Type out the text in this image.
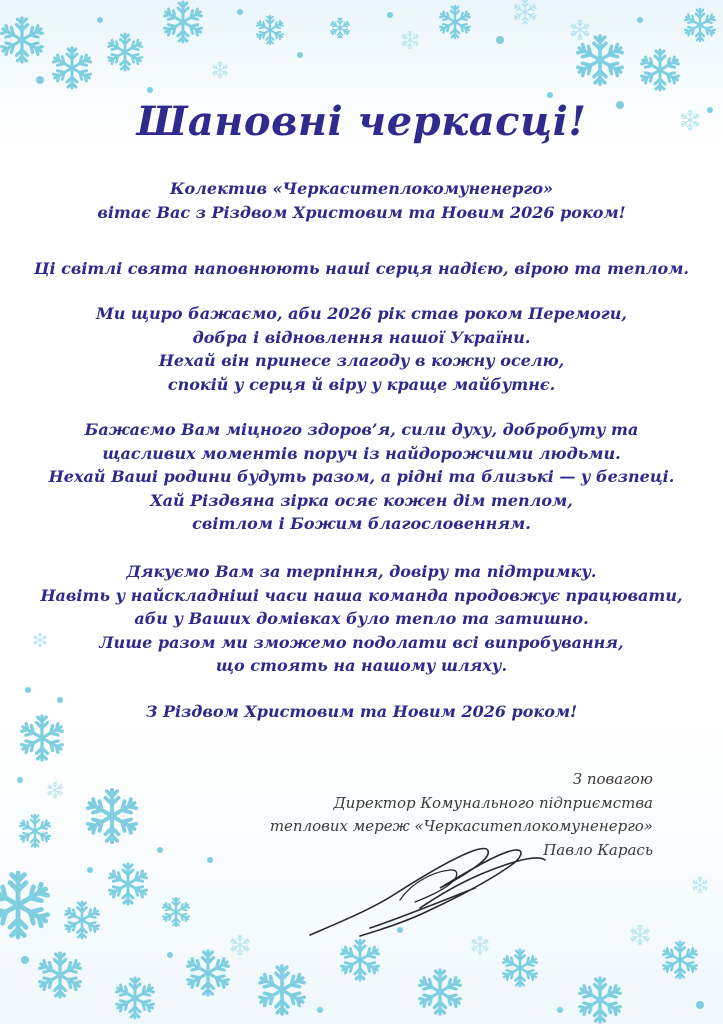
Шановні черкасці!
Колектив «Черкаситеплокомуненерго»
вітає Вас з Різдвом Христовим та Новим 2026 роком!
Ці світлі свята наповнюють наші серця надією, вірою та теплом.
Ми щиро бажаємо, аби 2026 рік став роком Перемоги,
добра і відновлення нашої України.
Нехай він принесе злагоду в кожну оселю,
спокій у серця й віру у краще майбутнє.
Бажаємо Вам міцного здоров’я, сили духу, добробуту та
щасливих моментів поруч із найдорожчими людьми.
Нехай Ваші родини будуть разом, а рідні та близькі — у безпеці.
Хай Різдвяна зірка осяє кожен дім теплом,
світлом і Божим благословенням.
Дякуємо Вам за терпіння, довіру та підтримку.
Навіть у найскладніші часи наша команда продовжує працювати,
аби у Ваших домівках було тепло та затишно.
Лише разом ми зможемо подолати всі випробування,
що стоять на нашому шляху.
З Різдвом Христовим та Новим 2026 роком!
З повагою
Директор Комунального підприємства
теплових мереж «Черкаситеплокомуненерго»
Павло Карась
